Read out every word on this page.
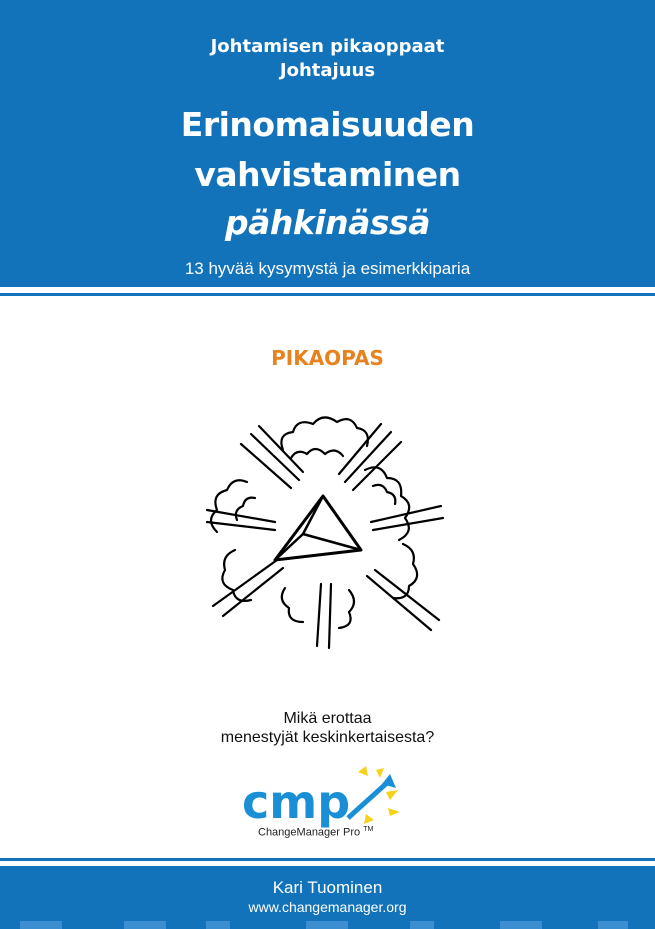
Johtamisen pikaoppaat
Johtajuus
Erinomaisuuden
vahvistaminen
pähkinässä
13 hyvää kysymystä ja esimerkkiparia
PIKAOPAS
Mikä erottaa
menestyjät keskinkertaisesta?
cmp
ChangeManager Pro ™
Kari Tuominen
www.changemanager.org
